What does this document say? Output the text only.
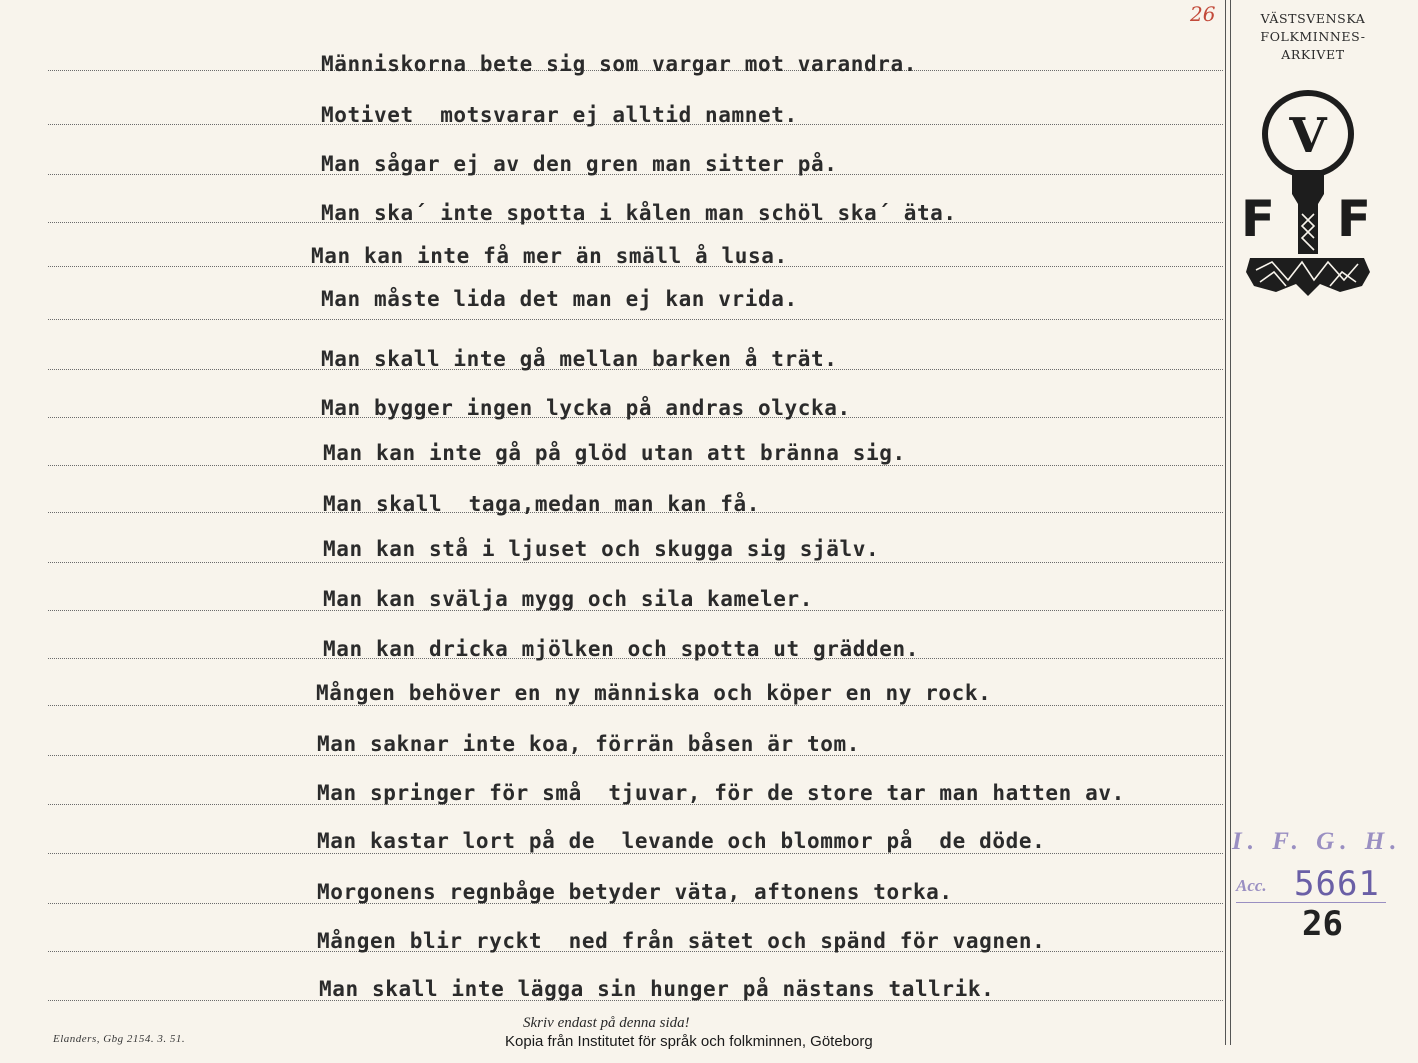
26	VÄSTSVENSKA
FOLKMINNES-
ARKIVET
V
F F
Människorna bete sig som vargar mot varandra.
Motivet  motsvarar ej alltid namnet.
Man sågar ej av den gren man sitter på.
Man ska´ inte spotta i kålen man schöl ska´ äta.
Man kan inte få mer än smäll å lusa.
Man måste lida det man ej kan vrida.
Man skall inte gå mellan barken å trät.
Man bygger ingen lycka på andras olycka.
Man kan inte gå på glöd utan att bränna sig.
Man skall  taga,medan man kan få.
Man kan stå i ljuset och skugga sig själv.
Man kan svälja mygg och sila kameler.
Man kan dricka mjölken och spotta ut grädden.
Mången behöver en ny människa och köper en ny rock.
Man saknar inte koa, förrän båsen är tom.
Man springer för små  tjuvar, för de store tar man hatten av.
Man kastar lort på de  levande och blommor på  de döde.
Morgonens regnbåge betyder väta, aftonens torka.
Mången blir ryckt  ned från sätet och spänd för vagnen.
Man skall inte lägga sin hunger på nästans tallrik.
I. F. G. H.
Acc. 5661
26
Skriv endast på denna sida!
Elanders, Gbg 2154. 3. 51.	Kopia från Institutet för språk och folkminnen, Göteborg
